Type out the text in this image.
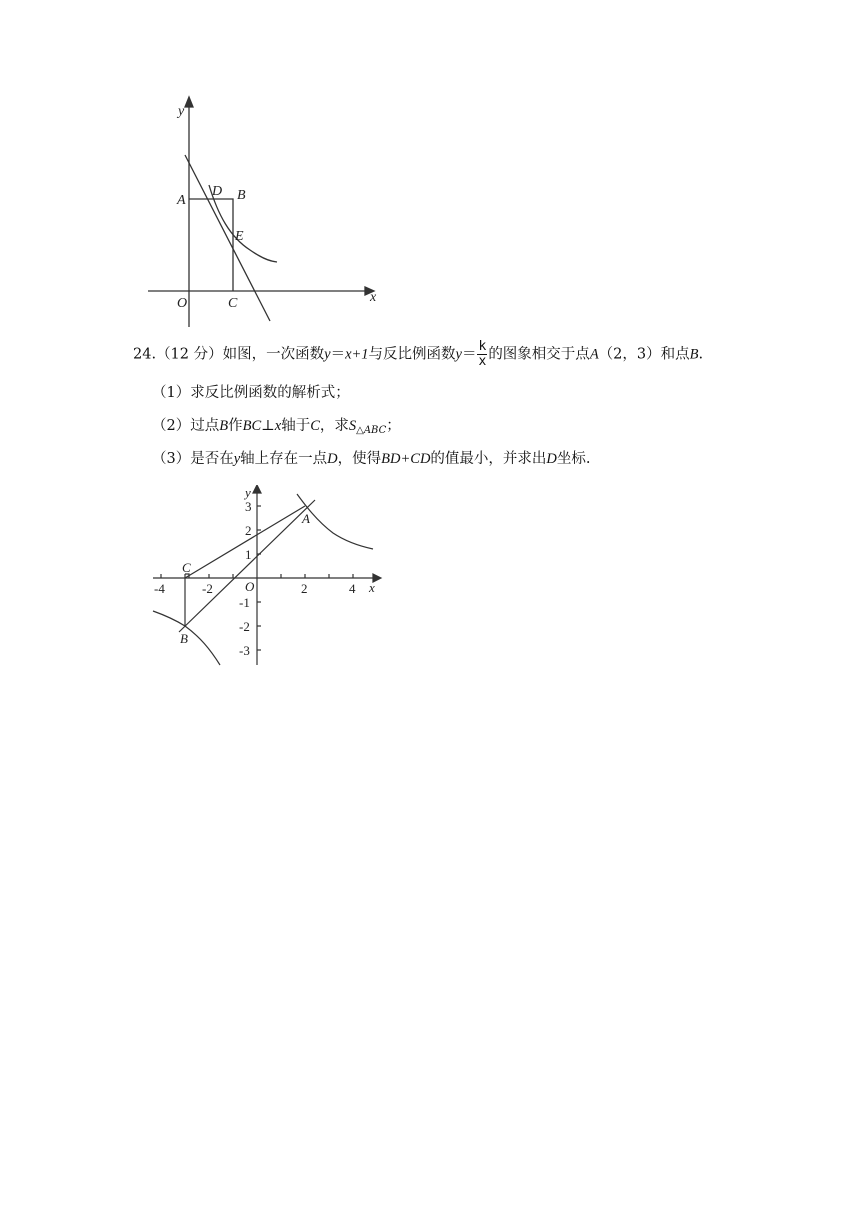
y
x
O	C
A
D B
E
24.（12 分）如图，一次函数y＝x+1与反比例函数$y= \frac{k}{x}$ 的图象相交于点A（2，3）和点B.
（1）求反比例函数的解析式；
（2）过点B作BC⊥x轴于C，求$S_{\triangle ABC}$；
（3）是否在y轴上存在一点D，使得BD+CD的值最小，并求出D坐标.
y
x
O
-4	-2	2	4
3
2
1
-1
-2
-3
A
B
C
